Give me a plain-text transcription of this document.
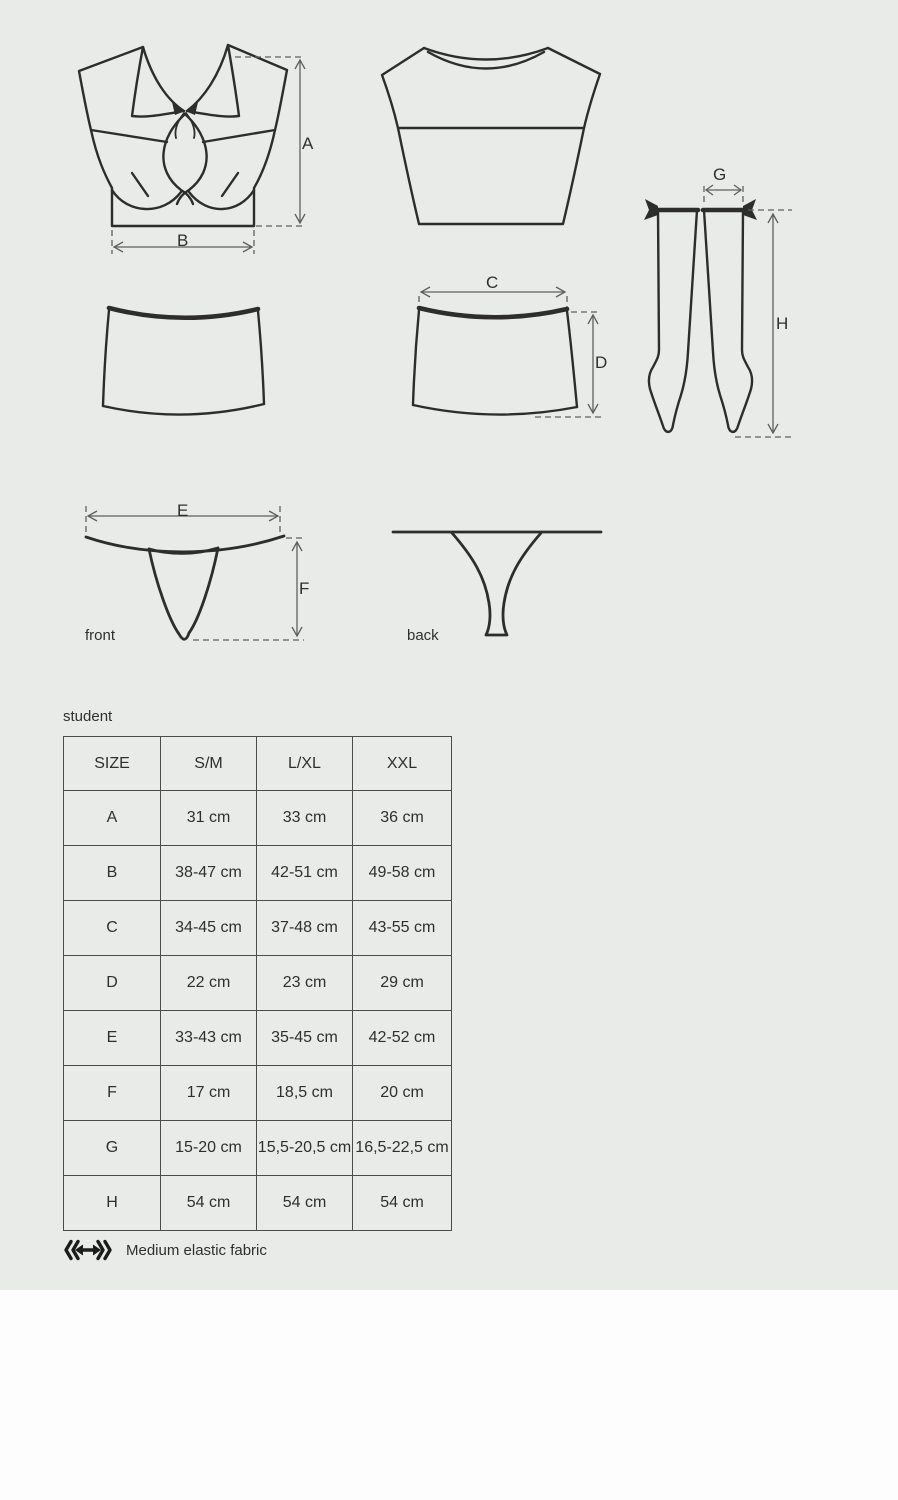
A
B
G
H
C
D
E
F
front	back
student
SIZE	S/M	L/XL	XXL
A	31 cm	33 cm	36 cm
B	38-47 cm	42-51 cm	49-58 cm
C	34-45 cm	37-48 cm	43-55 cm
D	22 cm	23 cm	29 cm
E	33-43 cm	35-45 cm	42-52 cm
F	17 cm	18,5 cm	20 cm
G	15-20 cm	15,5-20,5 cm	16,5-22,5 cm
H	54 cm	54 cm	54 cm
Medium elastic fabric
